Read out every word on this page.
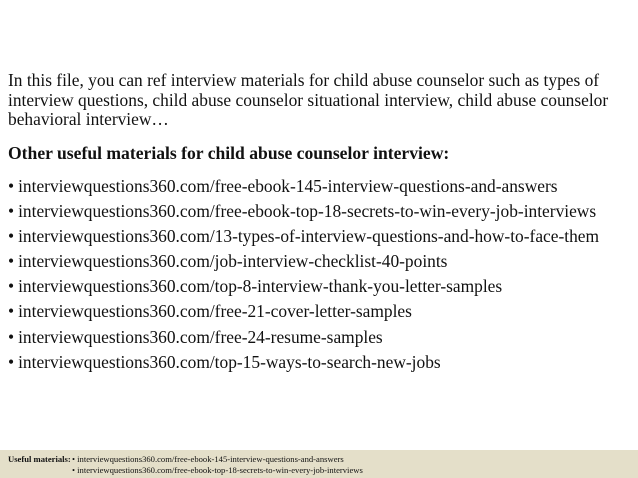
In this file, you can ref interview materials for child abuse counselor such as types of
interview questions, child abuse counselor situational interview, child abuse counselor
behavioral interview…
Other useful materials for child abuse counselor interview:
• interviewquestions360.com/free-ebook-145-interview-questions-and-answers
• interviewquestions360.com/free-ebook-top-18-secrets-to-win-every-job-interviews
• interviewquestions360.com/13-types-of-interview-questions-and-how-to-face-them
• interviewquestions360.com/job-interview-checklist-40-points
• interviewquestions360.com/top-8-interview-thank-you-letter-samples
• interviewquestions360.com/free-21-cover-letter-samples
• interviewquestions360.com/free-24-resume-samples
• interviewquestions360.com/top-15-ways-to-search-new-jobs
Useful materials:• interviewquestions360.com/free-ebook-145-interview-questions-and-answers
• interviewquestions360.com/free-ebook-top-18-secrets-to-win-every-job-interviews
